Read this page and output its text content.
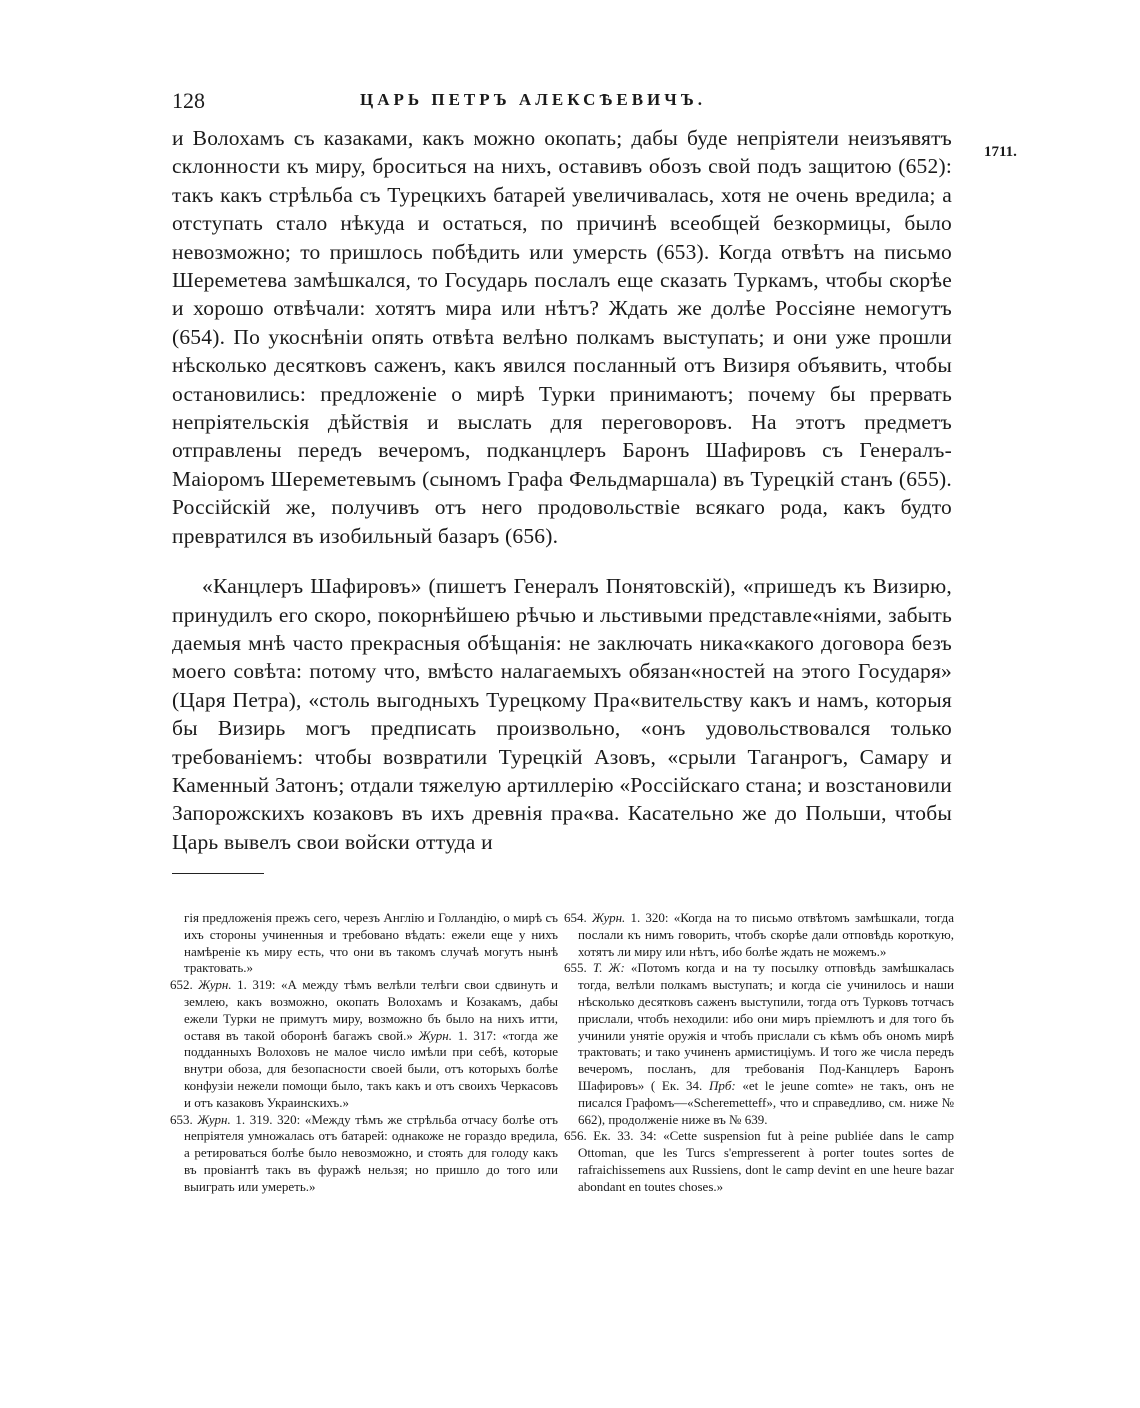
128	ЦАРЬ ПЕТРЪ АЛЕКСѢЕВИЧЪ.
1711.

и Волохамъ съ казаками, какъ можно окопать; дабы буде непріятели неизъявятъ склонности къ миру, броситься на нихъ, оставивъ обозъ свой подъ защитою (652): такъ какъ стрѣльба съ Турецкихъ батарей увеличивалась, хотя не очень вредила; а отступать стало нѣкуда и остаться, по причинѣ всеобщей безкормицы, было невозможно; то пришлось побѣдить или умерсть (653). Когда отвѣтъ на письмо Шереметева замѣшкался, то Государь послалъ еще сказать Туркамъ, чтобы скорѣе и хорошо отвѣчали: хотятъ мира или нѣтъ? Ждать же долѣе Россіяне немогутъ (654). По укоснѣніи опять отвѣта велѣно полкамъ выступать; и они уже прошли нѣсколько десятковъ саженъ, какъ явился посланный отъ Визиря объявить, чтобы остановились: предложеніе о мирѣ Турки принимаютъ; почему бы прервать непріятельскія дѣйствія и выслать для переговоровъ. На этотъ предметъ отправлены передъ вечеромъ, подканцлеръ Баронъ Шафировъ съ Генералъ-Маіоромъ Шереметевымъ (сыномъ Графа Фельдмаршала) въ Турецкій станъ (655). Россійскій же, получивъ отъ него продовольствіе всякаго рода, какъ будто превратился въ изобильный базаръ (656).

«Канцлеръ Шафировъ» (пишетъ Генералъ Понятовскій), «пришедъ къ Визирю, принудилъ его скоро, покорнѣйшею рѣчью и льстивыми представле«ніями, забыть даемыя мнѣ часто прекрасныя обѣщанія: не заключать ника«какого договора безъ моего совѣта: потому что, вмѣсто налагаемыхъ обязан«ностей на этого Государя» (Царя Петра), «столь выгодныхъ Турецкому Пра«вительству какъ и намъ, которыя бы Визирь могъ предписать произвольно, «онъ удовольствовался только требованіемъ: чтобы возвратили Турецкій Азовъ, «срыли Таганрогъ, Самару и Каменный Затонъ; отдали тяжелую артиллерію «Россійскаго стана; и возстановили Запорожскихъ козаковъ въ ихъ древнія пра«ва. Касательно же до Польши, чтобы Царь вывелъ свои войски оттуда и

гія предложенія прежъ сего, черезъ Англію и Голландію, о мирѣ съ ихъ стороны учиненныя и требовано вѣдать: ежели еще у нихъ намѣреніе къ миру есть, что они въ такомъ случаѣ могутъ нынѣ трактовать.»

652. Журн. 1. 319: «А между тѣмъ велѣли телѣги свои сдвинуть и землею, какъ возможно, окопать Волохамъ и Козакамъ, дабы ежели Турки не примутъ миру, возможно бъ было на нихъ итти, оставя въ такой оборонѣ багажъ свой.» Журн. 1. 317: «тогда же подданныхъ Волоховъ не малое число имѣли при себѣ, которые внутри обоза, для безопасности своей были, отъ которыхъ болѣе конфузіи нежели помощи было, такъ какъ и отъ своихъ Черкасовъ и отъ казаковъ Украинскихъ.»

653. Журн. 1. 319. 320: «Между тѣмъ же стрѣльба отчасу болѣе отъ непріятеля умножалась отъ батарей: однакоже не гораздо вредила, а ретироваться болѣе было невозможно, и стоять для голоду какъ въ провіантѣ такъ въ фуражѣ нельзя; но пришло до того или выиграть или умереть.»

654. Журн. 1. 320: «Когда на то письмо отвѣтомъ замѣшкали, тогда послали къ нимъ говорить, чтобъ скорѣе дали отповѣдь короткую, хотятъ ли миру или нѣтъ, ибо болѣе ждать не можемъ.»

655. Т. Ж: «Потомъ когда и на ту посылку отповѣдь замѣшкалась тогда, велѣли полкамъ выступать; и когда сіе учинилось и наши нѣсколько десятковъ саженъ выступили, тогда отъ Турковъ тотчасъ прислали, чтобъ неходили: ибо они миръ пріемлютъ и для того бъ учинили унятіе оружія и чтобъ прислали съ кѣмъ объ ономъ мирѣ трактовать; и тако учиненъ армистиціумъ. И того же числа передъ вечеромъ, посланъ, для требованія Под-Канцлеръ Баронъ Шафировъ» ( Ек. 34. Прб: «et le jeune comte» не такъ, онъ не писался Графомъ—«Scheremetteff», что и справедливо, см. ниже № 662), продолженіе ниже въ № 639.

656. Ек. 33. 34: «Cette suspension fut à peine publiée dans le camp Ottoman, que les Turcs s'empresserent à porter toutes sortes de rafraichissemens aux Russiens, dont le camp devint en une heure bazar abondant en toutes choses.»
